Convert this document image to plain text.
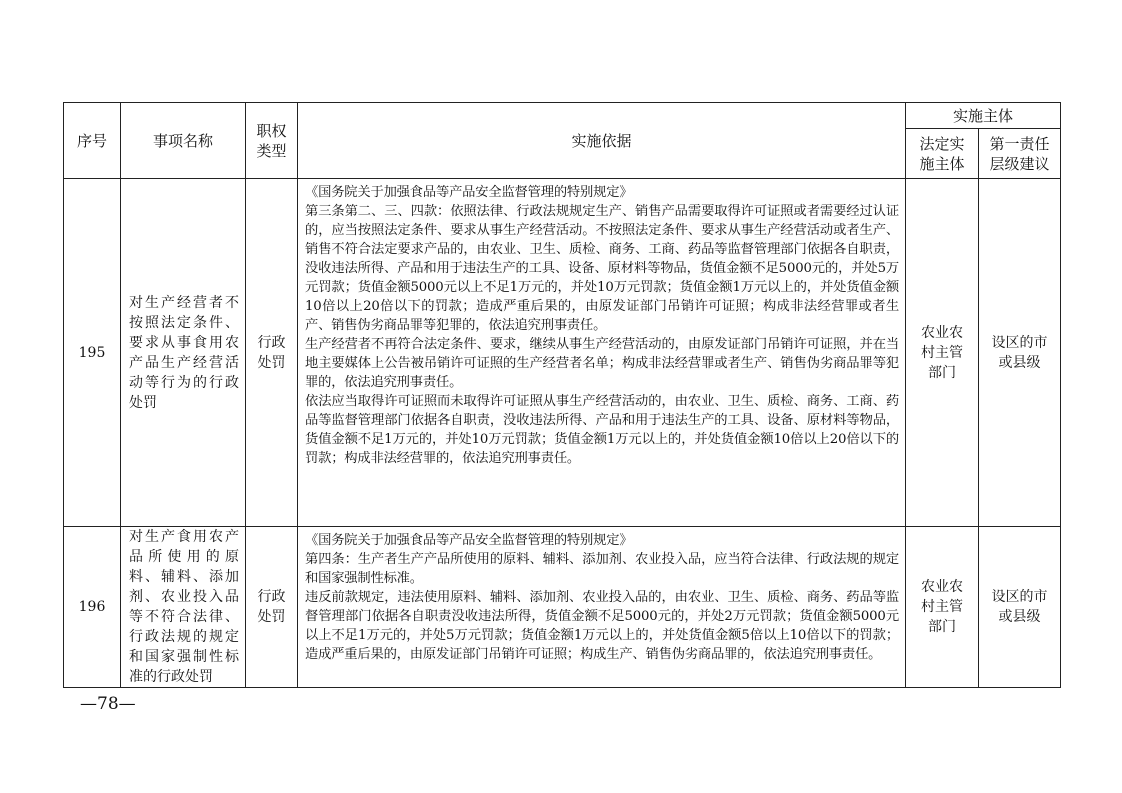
序号	事项名称	职权类型	实施依据	实施主体	
				法定实施主体	第一责任层级建议
195	对生产经营者不按照法定条件、要求从事食用农产品生产经营活动等行为的行政处罚	行政处罚	《国务院关于加强食品等产品安全监督管理的特别规定》

第三条第二、三、四款：依照法律、行政法规规定生产、销售产品需要取得许可证照或者需要经过认证的，应当按照法定条件、要求从事生产经营活动。不按照法定条件、要求从事生产经营活动或者生产、销售不符合法定要求产品的，由农业、卫生、质检、商务、工商、药品等监督管理部门依据各自职责，没收违法所得、产品和用于违法生产的工具、设备、原材料等物品，货值金额不足5000元的，并处5万元罚款；货值金额5000元以上不足1万元的，并处10万元罚款；货值金额1万元以上的，并处货值金额10倍以上20倍以下的罚款；造成严重后果的，由原发证部门吊销许可证照；构成非法经营罪或者生产、销售伪劣商品罪等犯罪的，依法追究刑事责任。

生产经营者不再符合法定条件、要求，继续从事生产经营活动的，由原发证部门吊销许可证照，并在当地主要媒体上公告被吊销许可证照的生产经营者名单；构成非法经营罪或者生产、销售伪劣商品罪等犯罪的，依法追究刑事责任。

依法应当取得许可证照而未取得许可证照从事生产经营活动的，由农业、卫生、质检、商务、工商、药品等监督管理部门依据各自职责，没收违法所得、产品和用于违法生产的工具、设备、原材料等物品，货值金额不足1万元的，并处10万元罚款；货值金额1万元以上的，并处货值金额10倍以上20倍以下的罚款；构成非法经营罪的，依法追究刑事责任。	农业农村主管部门	设区的市或县级
196	对生产食用农产品所使用的原料、辅料、添加剂、农业投入品等不符合法律、行政法规的规定和国家强制性标准的行政处罚	行政处罚	《国务院关于加强食品等产品安全监督管理的特别规定》

第四条：生产者生产产品所使用的原料、辅料、添加剂、农业投入品，应当符合法律、行政法规的规定和国家强制性标准。

违反前款规定，违法使用原料、辅料、添加剂、农业投入品的，由农业、卫生、质检、商务、药品等监督管理部门依据各自职责没收违法所得，货值金额不足5000元的，并处2万元罚款；货值金额5000元以上不足1万元的，并处5万元罚款；货值金额1万元以上的，并处货值金额5倍以上10倍以下的罚款；造成严重后果的，由原发证部门吊销许可证照；构成生产、销售伪劣商品罪的，依法追究刑事责任。	农业农村主管部门	设区的市或县级
—78—
